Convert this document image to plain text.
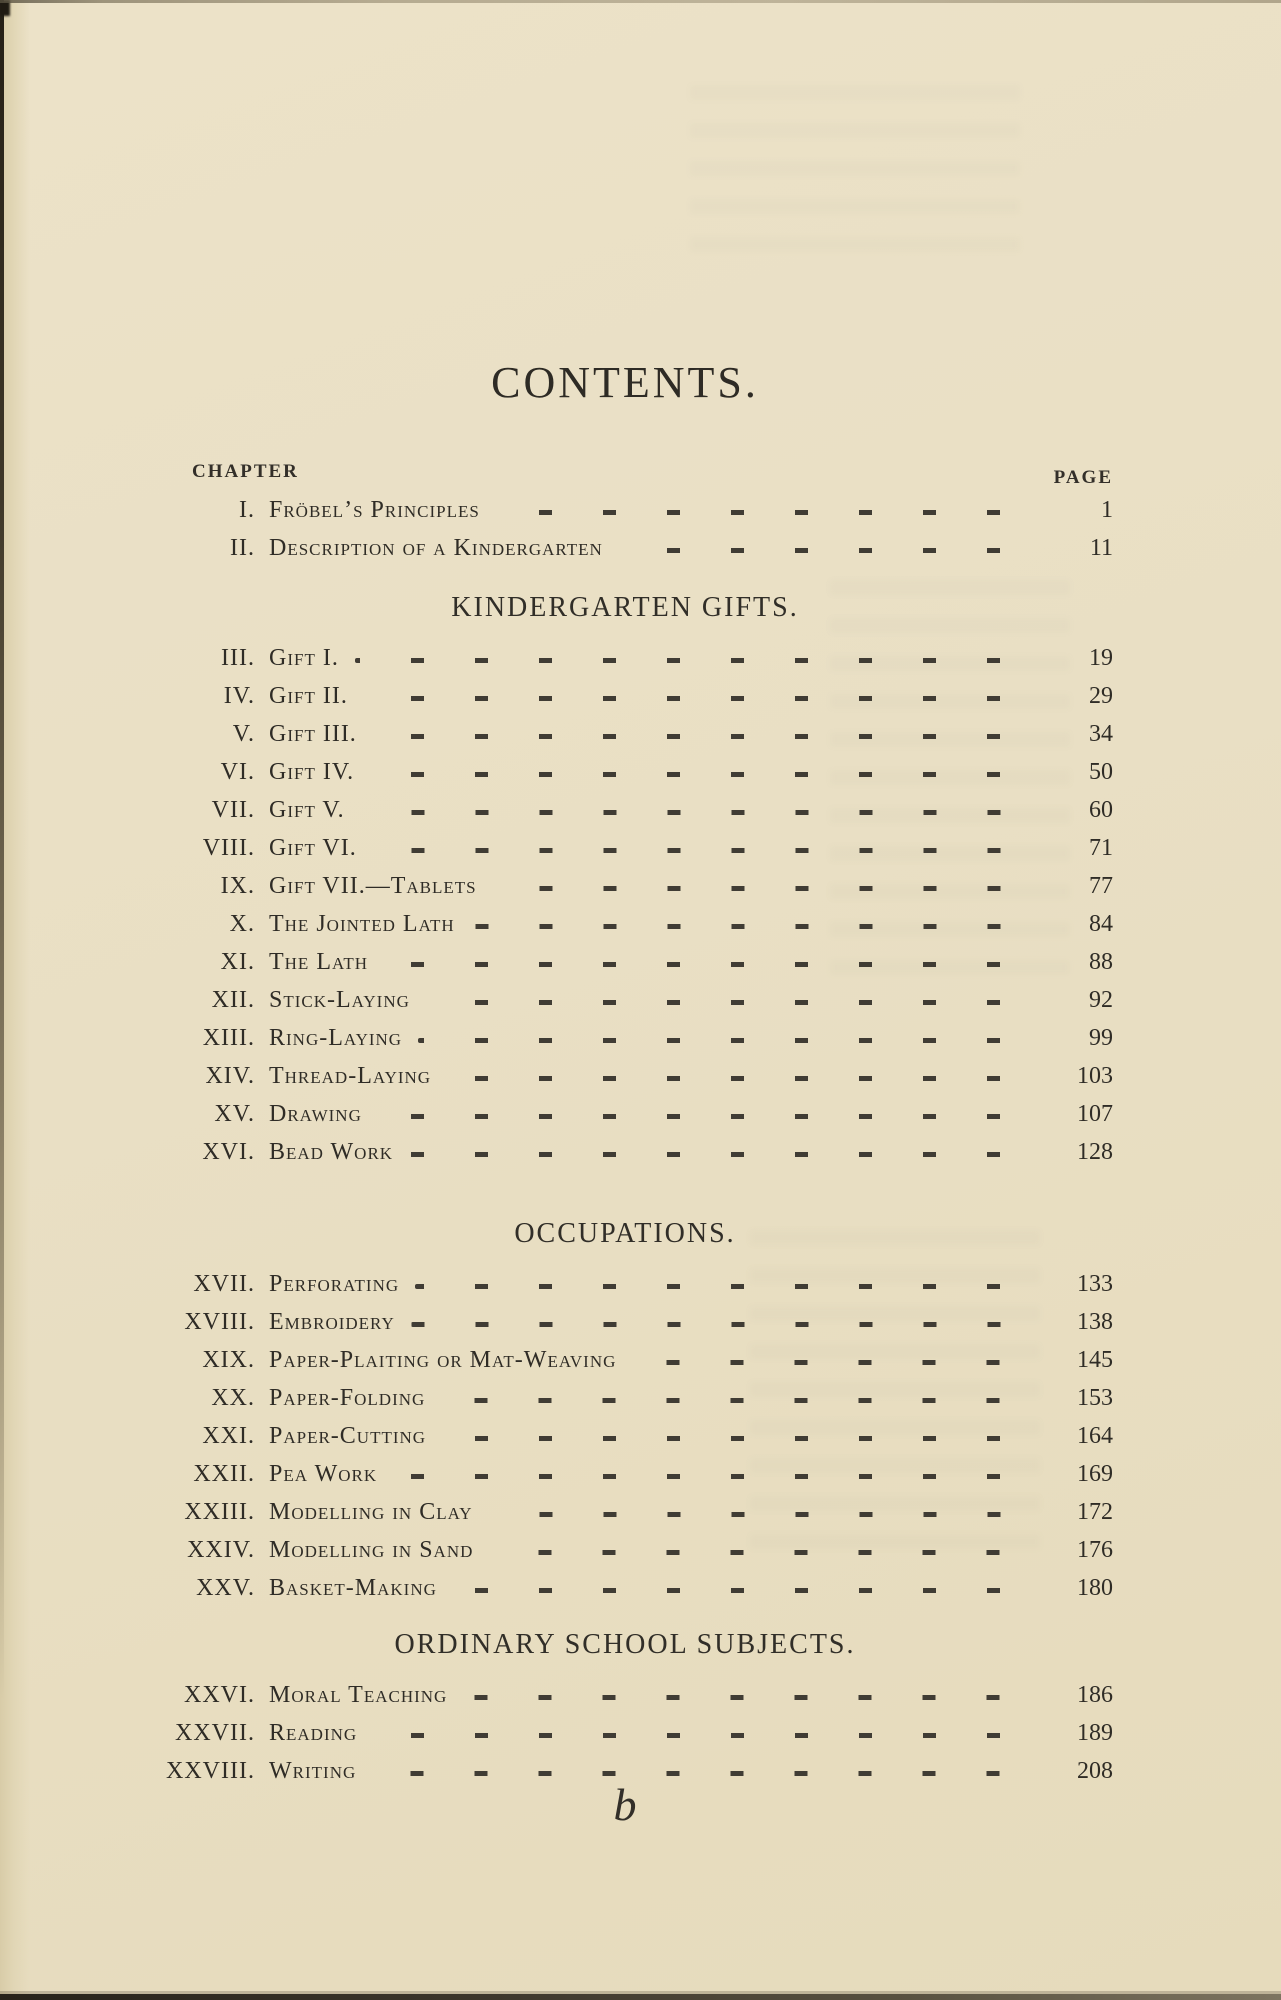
CONTENTS.
CHAPTER	PAGE
I. Fröbel’s Principles	1
II. Description of a Kindergarten	11
KINDERGARTEN GIFTS.
III. Gift I.	19
IV. Gift II.	29
V. Gift III.	34
VI. Gift IV.	50
VII. Gift V.	60
VIII. Gift VI.	71
IX. Gift VII.—Tablets	77
X. The Jointed Lath	84
XI. The Lath	88
XII. Stick-Laying	92
XIII. Ring-Laying	99
XIV. Thread-Laying	103
XV. Drawing	107
XVI. Bead Work	128
OCCUPATIONS.
XVII. Perforating	133
XVIII. Embroidery	138
XIX. Paper-Plaiting or Mat-Weaving	145
XX. Paper-Folding	153
XXI. Paper-Cutting	164
XXII. Pea Work	169
XXIII. Modelling in Clay	172
XXIV. Modelling in Sand	176
XXV. Basket-Making	180
ORDINARY SCHOOL SUBJECTS.
XXVI. Moral Teaching	186
XXVII. Reading	189
XXVIII. Writing	208
b
